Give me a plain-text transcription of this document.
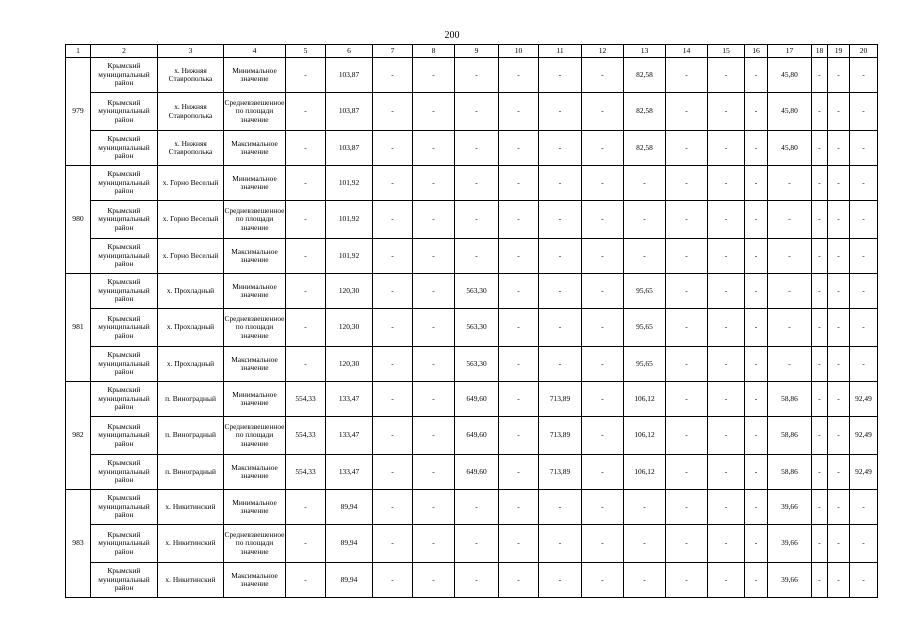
200
1	2	3	4	5	6	7	8	9	10	11	12	13	14	15	16	17	18	19	20
979	Крымский муниципальный район	х. Нижняя Ставрополька	Минимальное значение	-	103,87	-	-	-	-	-	-	82,58	-	-	-	45,80	-	-	-
	Крымский муниципальный район	х. Нижняя Ставрополька	Средневзвешенное по площади значение	-	103,87	-	-	-	-	-	-	82,58	-	-	-	45,80	-	-	-
	Крымский муниципальный район	х. Нижняя Ставрополька	Максимальное значение	-	103,87	-	-	-	-	-	-	82,58	-	-	-	45,80	-	-	-
980	Крымский муниципальный район	х. Горно Веселый	Минимальное значение	-	101,92	-	-	-	-	-	-	-	-	-	-	-	-	-	-
	Крымский муниципальный район	х. Горно Веселый	Средневзвешенное по площади значение	-	101,92	-	-	-	-	-	-	-	-	-	-	-	-	-	-
	Крымский муниципальный район	х. Горно Веселый	Максимальное значение	-	101,92	-	-	-	-	-	-	-	-	-	-	-	-	-	-
981	Крымский муниципальный район	х. Прохладный	Минимальное значение	-	120,30	-	-	563,30	-	-	-	95,65	-	-	-	-	-	-	-
	Крымский муниципальный район	х. Прохладный	Средневзвешенное по площади значение	-	120,30	-	-	563,30	-	-	-	95,65	-	-	-	-	-	-	-
	Крымский муниципальный район	х. Прохладный	Максимальное значение	-	120,30	-	-	563,30	-	-	-	95,65	-	-	-	-	-	-	-
982	Крымский муниципальный район	п. Виноградный	Минимальное значение	554,33	133,47	-	-	649,60	-	713,89	-	106,12	-	-	-	58,86	-	-	92,49
	Крымский муниципальный район	п. Виноградный	Средневзвешенное по площади значение	554,33	133,47	-	-	649,60	-	713,89	-	106,12	-	-	-	58,86	-	-	92,49
	Крымский муниципальный район	п. Виноградный	Максимальное значение	554,33	133,47	-	-	649,60	-	713,89	-	106,12	-	-	-	58,86	-	-	92,49
983	Крымский муниципальный район	х. Никитинский	Минимальное значение	-	89,94	-	-	-	-	-	-	-	-	-	-	39,66	-	-	-
	Крымский муниципальный район	х. Никитинский	Средневзвешенное по площади значение	-	89,94	-	-	-	-	-	-	-	-	-	-	39,66	-	-	-
	Крымский муниципальный район	х. Никитинский	Максимальное значение	-	89,94	-	-	-	-	-	-	-	-	-	-	39,66	-	-	-
